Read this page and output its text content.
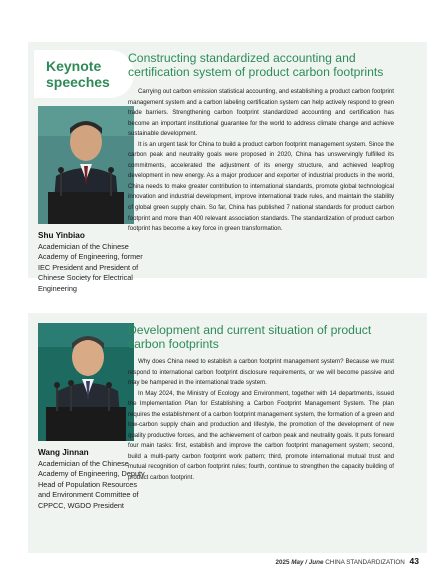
Keynote speeches
Shu Yinbiao
Academician of the Chinese Academy of Engineering, former IEC President and President of Chinese Society for Electrical Engineering
Constructing standardized accounting and certification system of product carbon footprints

Carrying out carbon emission statistical accounting, and establishing a product carbon footprint management system and a carbon labeling certification system can help actively respond to green trade barriers. Strengthening carbon footprint standardized accounting and certification has become an important institutional guarantee for the world to address climate change and achieve sustainable development.

It is an urgent task for China to build a product carbon footprint management system. Since the carbon peak and neutrality goals were proposed in 2020, China has unswervingly fulfilled its commitments, accelerated the adjustment of its energy structure, and achieved leapfrog development in new energy. As a major producer and exporter of industrial products in the world, China needs to make greater contribution to international standards, promote global technological innovation and industrial development, improve international trade rules, and maintain the stability of global green supply chain. So far, China has published 7 national standards for product carbon footprint and more than 400 relevant association standards. The standardization of product carbon footprint has become a key force in green transformation.

Wang Jinnan
Academician of the Chinese Academy of Engineering, Deputy Head of Population Resources and Environment Committee of CPPCC, WGDO President
Development and current situation of product carbon footprints

Why does China need to establish a carbon footprint management system? Because we must respond to international carbon footprint disclosure requirements, or we will become passive and may be hampered in the international trade system.

In May 2024, the Ministry of Ecology and Environment, together with 14 departments, issued the Implementation Plan for Establishing a Carbon Footprint Management System. The plan requires the establishment of a carbon footprint management system, the formation of a green and low-carbon supply chain and production and lifestyle, the promotion of the development of new quality productive forces, and the achievement of carbon peak and neutrality goals. It puts forward four main tasks: first, establish and improve the carbon footprint management system; second, build a multi-party carbon footprint work pattern; third, promote international mutual trust and mutual recognition of carbon footprint rules; fourth, continue to strengthen the capacity building of product carbon footprint.

2025 May / June CHINA STANDARDIZATION 43
